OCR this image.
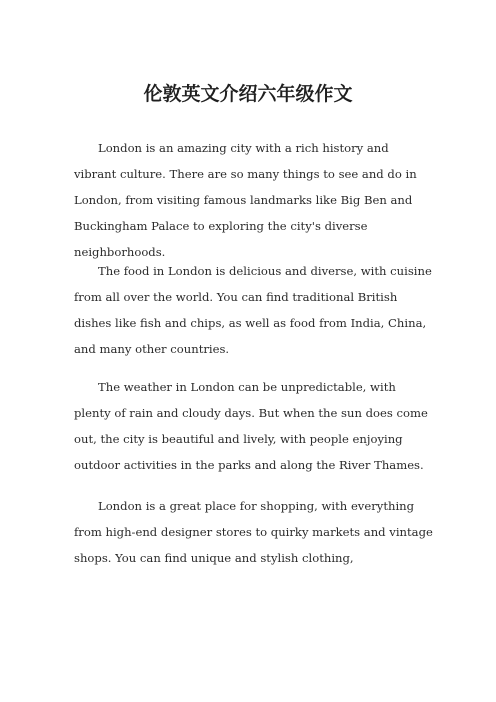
伦敦英文介绍六年级作文

London is an amazing city with a rich history and vibrant culture. There are so many things to see and do in London, from visiting famous landmarks like Big Ben and Buckingham Palace to exploring the city's diverse neighborhoods.

The food in London is delicious and diverse, with cuisine from all over the world. You can find traditional British dishes like fish and chips, as well as food from India, China, and many other countries.

The weather in London can be unpredictable, with plenty of rain and cloudy days. But when the sun does come out, the city is beautiful and lively, with people enjoying outdoor activities in the parks and along the River Thames.

London is a great place for shopping, with everything from high-end designer stores to quirky markets and vintage shops. You can find unique and stylish clothing,
